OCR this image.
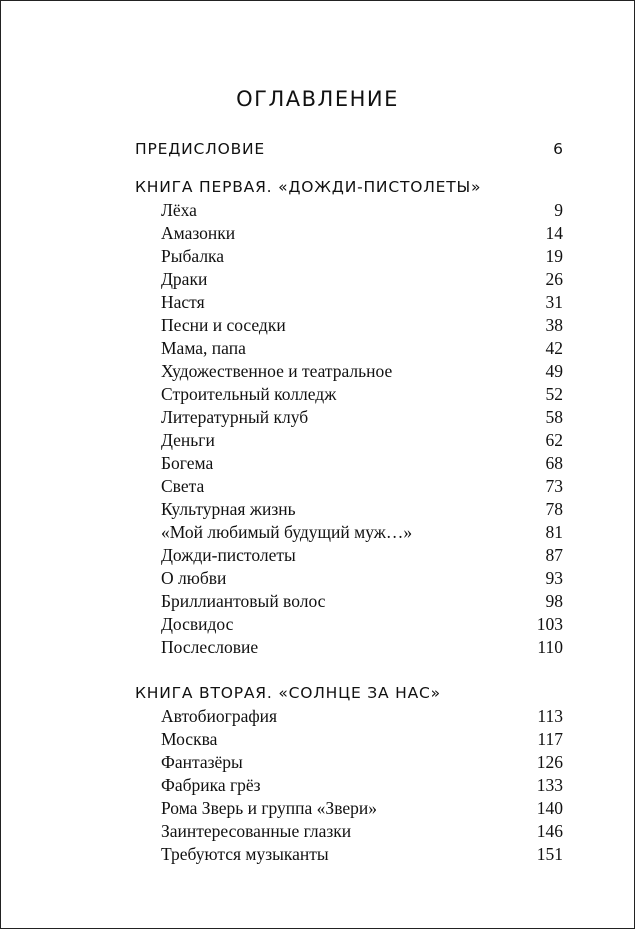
ОГЛАВЛЕНИЕ
ПРЕДИСЛОВИЕ	6
КНИГА ПЕРВАЯ. «ДОЖДИ-ПИСТОЛЕТЫ»
Лёха	9
Амазонки	14
Рыбалка	19
Драки	26
Настя	31
Песни и соседки	38
Мама, папа	42
Художественное и театральное	49
Строительный колледж	52
Литературный клуб	58
Деньги	62
Богема	68
Света	73
Культурная жизнь	78
«Мой любимый будущий муж…»	81
Дожди-пистолеты	87
О любви	93
Бриллиантовый волос	98
Досвидос	103
Послесловие	110
КНИГА ВТОРАЯ. «СОЛНЦЕ ЗА НАС»
Автобиография	113
Москва	117
Фантазёры	126
Фабрика грёз	133
Рома Зверь и группа «Звери»	140
Заинтересованные глазки	146
Требуются музыканты	151
